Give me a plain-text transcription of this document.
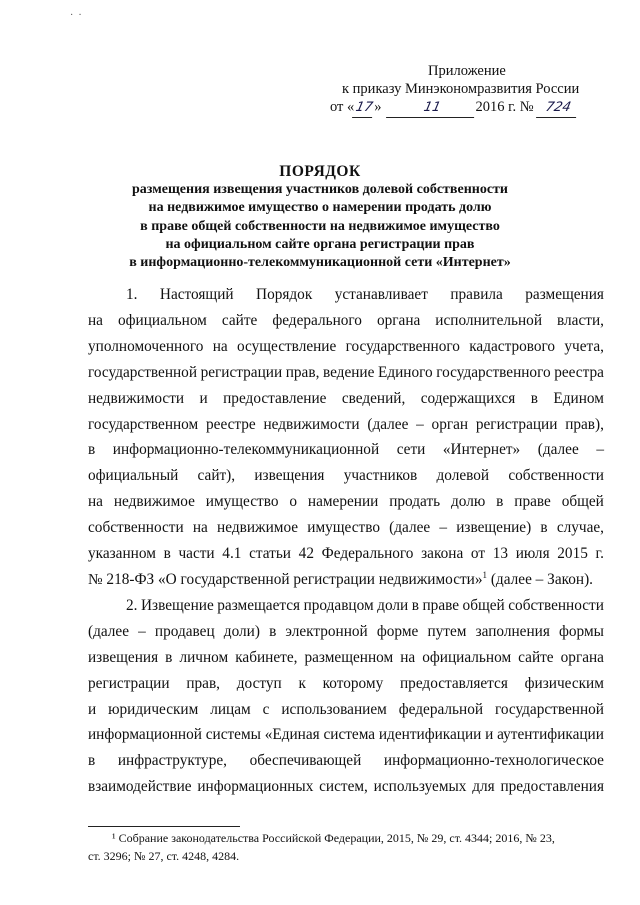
·  ·
Приложение
к приказу Минэкономразвития России
от « 17 »	11	2016 г. № 724
ПОРЯДОК
размещения извещения участников долевой собственности
на недвижимое имущество о намерении продать долю
в праве общей собственности на недвижимое имущество
на официальном сайте органа регистрации прав
в информационно-телекоммуникационной сети «Интернет»
1. Настоящий Порядок устанавливает правила размещения
на официальном сайте федерального органа исполнительной власти,
уполномоченного на осуществление государственного кадастрового учета,
государственной регистрации прав, ведение Единого государственного реестра
недвижимости и предоставление сведений, содержащихся в Едином
государственном реестре недвижимости (далее – орган регистрации прав),
в информационно-телекоммуникационной сети «Интернет» (далее –
официальный сайт), извещения участников долевой собственности
на недвижимое имущество о намерении продать долю в праве общей
собственности на недвижимое имущество (далее – извещение) в случае,
указанном в части 4.1 статьи 42 Федерального закона от 13 июля 2015 г.
№ 218-ФЗ «О государственной регистрации недвижимости»$^1$ (далее – Закон).
2. Извещение размещается продавцом доли в праве общей собственности
(далее – продавец доли) в электронной форме путем заполнения формы
извещения в личном кабинете, размещенном на официальном сайте органа
регистрации прав, доступ к которому предоставляется физическим
и юридическим лицам с использованием федеральной государственной
информационной системы «Единая система идентификации и аутентификации
в инфраструктуре, обеспечивающей информационно-технологическое
взаимодействие информационных систем, используемых для предоставления
¹ Собрание законодательства Российской Федерации, 2015, № 29, ст. 4344; 2016, № 23,
ст. 3296; № 27, ст. 4248, 4284.
